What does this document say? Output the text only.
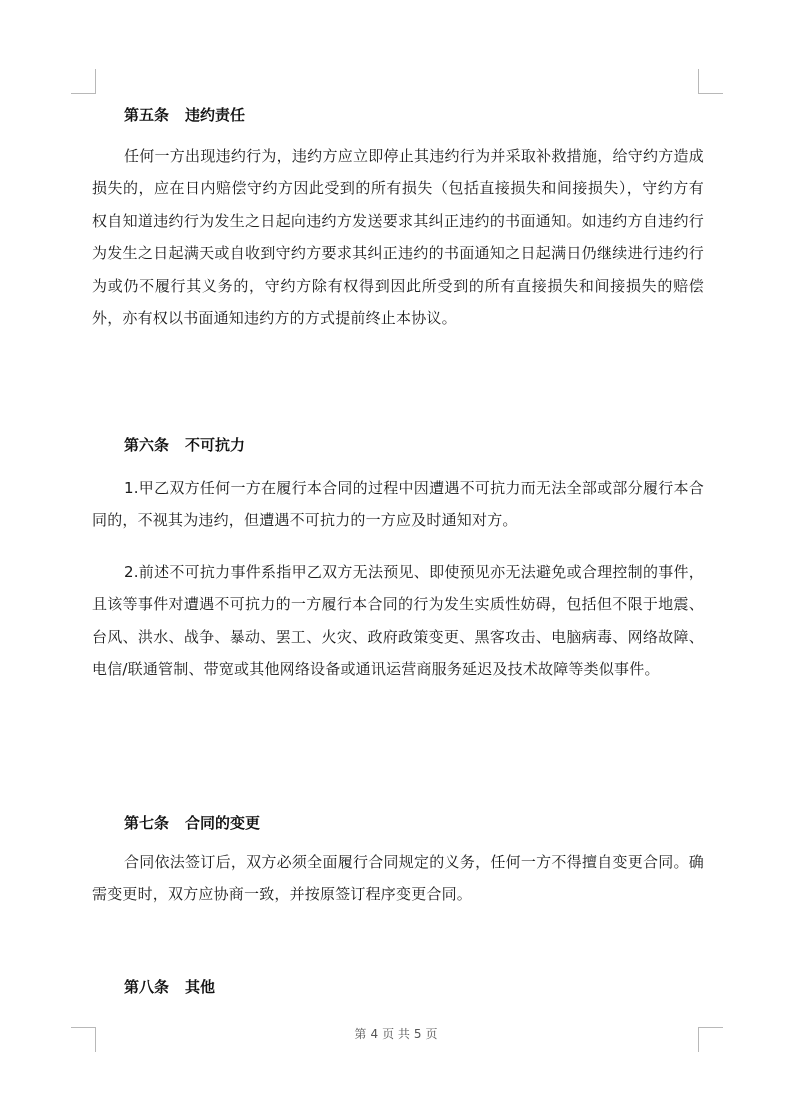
第五条 违约责任
任何一方出现违约行为，违约方应立即停止其违约行为并采取补救措施，给守约方造成损失的，应在日内赔偿守约方因此受到的所有损失（包括直接损失和间接损失），守约方有权自知道违约行为发生之日起向违约方发送要求其纠正违约的书面通知。如违约方自违约行为发生之日起满天或自收到守约方要求其纠正违约的书面通知之日起满日仍继续进行违约行为或仍不履行其义务的，守约方除有权得到因此所受到的所有直接损失和间接损失的赔偿外，亦有权以书面通知违约方的方式提前终止本协议。
第六条 不可抗力
1.甲乙双方任何一方在履行本合同的过程中因遭遇不可抗力而无法全部或部分履行本合同的，不视其为违约，但遭遇不可抗力的一方应及时通知对方。
2.前述不可抗力事件系指甲乙双方无法预见、即使预见亦无法避免或合理控制的事件，且该等事件对遭遇不可抗力的一方履行本合同的行为发生实质性妨碍，包括但不限于地震、台风、洪水、战争、暴动、罢工、火灾、政府政策变更、黑客攻击、电脑病毒、网络故障、电信/联通管制、带宽或其他网络设备或通讯运营商服务延迟及技术故障等类似事件。
第七条 合同的变更
合同依法签订后，双方必须全面履行合同规定的义务，任何一方不得擅自变更合同。确需变更时，双方应协商一致，并按原签订程序变更合同。
第八条 其他
第 4 页 共 5 页
